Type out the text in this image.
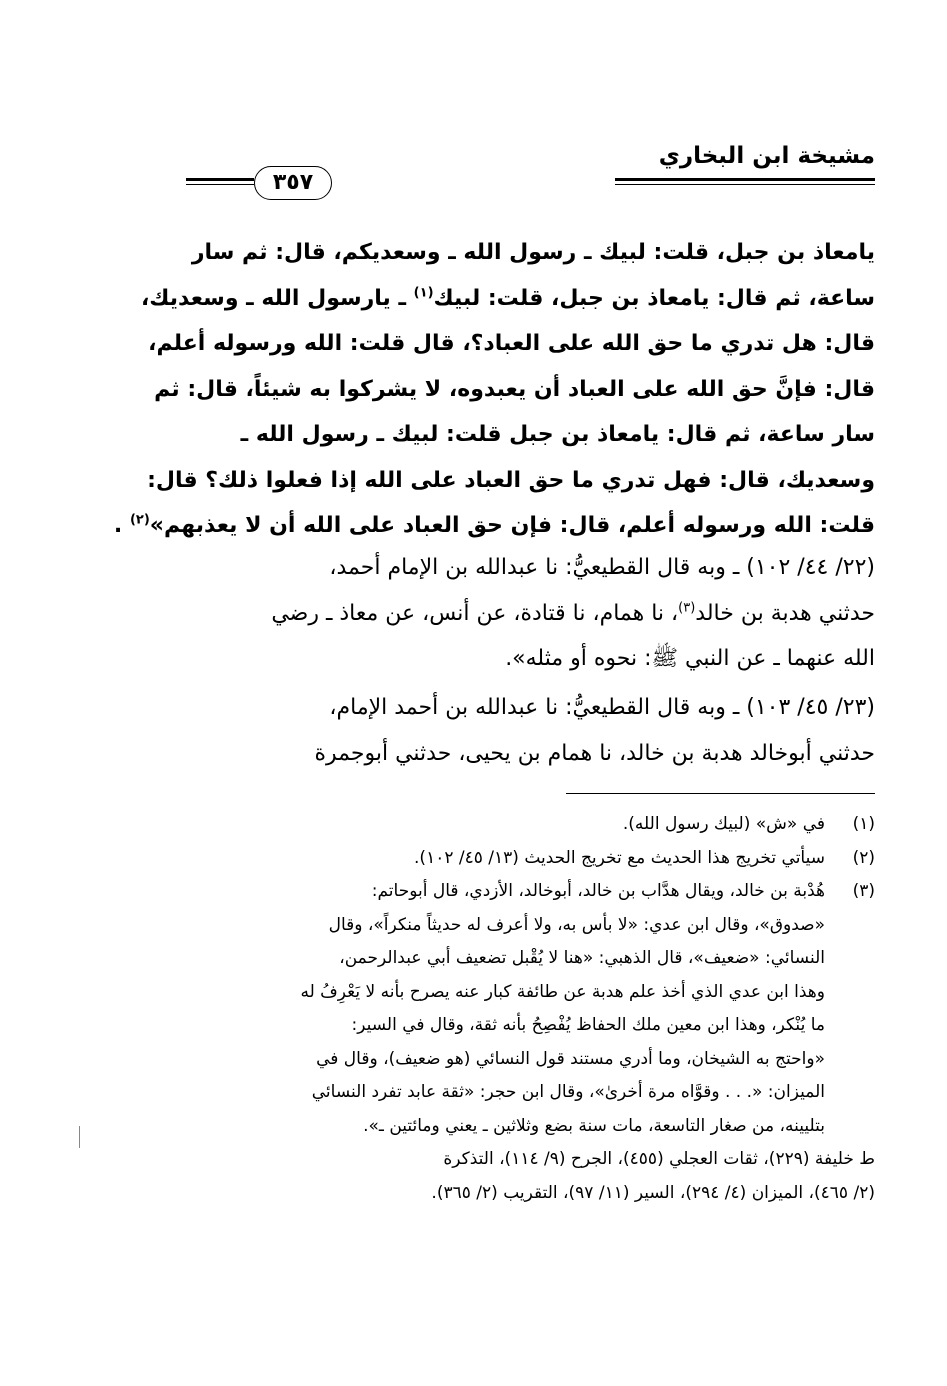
مشيخة ابن البخاري
٣٥٧
يامعاذ بن جبل، قلت: لبيك ـ رسول الله ـ وسعديكم، قال: ثم سار
ساعة، ثم قال: يامعاذ بن جبل، قلت: لبيك$^{(١)}$ ـ يارسول الله ـ وسعديك،
قال: هل تدري ما حق الله على العباد؟، قال قلت: الله ورسوله أعلم،
قال: فإنَّ حق الله على العباد أن يعبدوه، لا يشركوا به شيئاً، قال: ثم
سار ساعة، ثم قال: يامعاذ بن جبل قلت: لبيك ـ رسول الله ـ
وسعديك، قال: فهل تدري ما حق العباد على الله إذا فعلوا ذلك؟ قال:
قلت: الله ورسوله أعلم، قال: فإن حق العباد على الله أن لا يعذبهم»$^{(٢)}$ .
(٢٢/ ٤٤/ ١٠٢) ـ وبه قال القطيعيُّ: نا عبدالله بن الإمام أحمد،
حدثني هدبة بن خالد$^{(٣)}$، نا همام، نا قتادة، عن أنس، عن معاذ ـ رضي
الله عنهما ـ عن النبي ﷺ: نحوه أو مثله».
(٢٣/ ٤٥/ ١٠٣) ـ وبه قال القطيعيُّ: نا عبدالله بن أحمد الإمام،
حدثني أبوخالد هدبة بن خالد، نا همام بن يحيى، حدثني أبوجمرة
(١)
في «ش» (لبيك رسول الله).
(٢)
سيأتي تخريج هذا الحديث مع تخريج الحديث (١٣/ ٤٥/ ١٠٢).
(٣)
هُدْبة بن خالد، ويقال هدَّاب بن خالد، أبوخالد، الأزدي، قال أبوحاتم:
«صدوق»، وقال ابن عدي: «لا بأس به، ولا أعرف له حديثاً منكراً»، وقال
النسائي: «ضعيف»، قال الذهبي: «هنا لا يُقْبل تضعيف أبي عبدالرحمن،
وهذا ابن عدي الذي أخذ علم هدبة عن طائفة كبار عنه يصرح بأنه لا يَعْرِفُ له
ما يُنْكر، وهذا ابن معين ملك الحفاظ يُفْصِحُ بأنه ثقة، وقال في السير:
«واحتج به الشيخان، وما أدري مستند قول النسائي (هو ضعيف)، وقال في
الميزان: «. . . وقوَّاه مرة أخرىٰ»، وقال ابن حجر: «ثقة عابد تفرد النسائي
بتليينه، من صغار التاسعة، مات سنة بضع وثلاثين ـ يعني ومائتين ـ».
ط خليفة (٢٢٩)، ثقات العجلي (٤٥٥)، الجرح (٩/ ١١٤)، التذكرة
(٢/ ٤٦٥)، الميزان (٤/ ٢٩٤)، السير (١١/ ٩٧)، التقريب (٢/ ٣٦٥).
